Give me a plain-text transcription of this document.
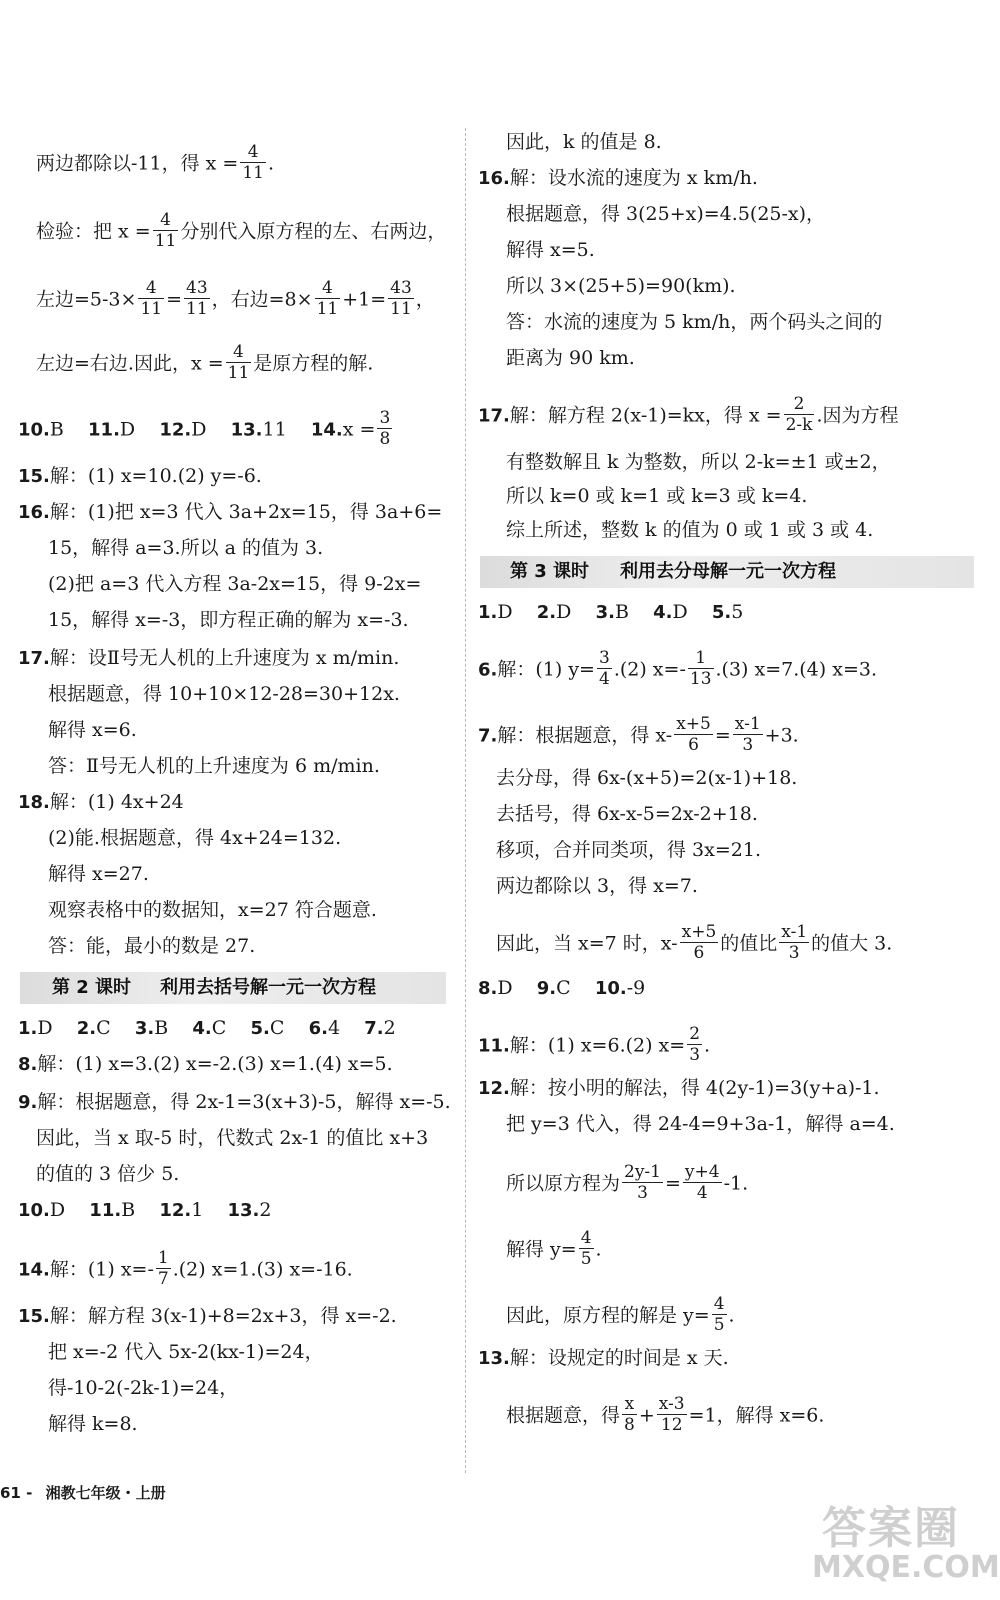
两边都除以-11，得 $x = \frac{4}{11}$ .
检验：把 $x = \frac{4}{11}$ 分别代入原方程的左、右两边，
左边$=5-3\times \frac{4}{11} = \frac{43}{11}$ ，右边$=8\times \frac{4}{11} +1= \frac{43}{11}$ ，
左边=右边.因此，$x = \frac{4}{11}$ 是原方程的解.
10.B 11.D 12.D 13.11 $14.x = \frac{3}{8}$
15.解：(1) x=10.(2) y=-6.
16.解：(1)把 x=3 代入 3a+2x=15，得 3a+6=
15，解得 a=3.所以 a 的值为 3.
(2)把 a=3 代入方程 3a-2x=15，得 9-2x=
15，解得 x=-3，即方程正确的解为 x=-3.
17.解：设Ⅱ号无人机的上升速度为 x m/min.
根据题意，得 10+10×12-28=30+12x.
解得 x=6.
答：Ⅱ号无人机的上升速度为 6 m/min.
18.解：(1) 4x+24
(2)能.根据题意，得 4x+24=132.
解得 x=27.
观察表格中的数据知，x=27 符合题意.
答：能，最小的数是 27.
第 2 课时 利用去括号解一元一次方程
1.D 2.C 3.B 4.C 5.C 6.4 7.2
8.解：(1) x=3.(2) x=-2.(3) x=1.(4) x=5.
9.解：根据题意，得 2x-1=3(x+3)-5，解得 x=-5.
因此，当 x 取-5 时，代数式 2x-1 的值比 x+3
的值的 3 倍少 5.
10.D 11.B 12.1 13.2
14.解：(1) $x=- \frac{1}{7} .(2)$ x=1.(3) x=-16.
15.解：解方程 3(x-1)+8=2x+3，得 x=-2.
把 x=-2 代入 5x-2(kx-1)=24，
得-10-2(-2k-1)=24，
解得 k=8.
因此，k 的值是 8.
16.解：设水流的速度为 x km/h.
根据题意，得 3(25+x)=4.5(25-x)，
解得 x=5.
所以 3×(25+5)=90(km).
答：水流的速度为 5 km/h，两个码头之间的
距离为 90 km.
17.解：解方程 2(x-1)=kx，得 $x = \frac{2}{2-k}$ .因为方程
有整数解且 k 为整数，所以 2-k=±1 或±2，
所以 k=0 或 k=1 或 k=3 或 k=4.
综上所述，整数 k 的值为 0 或 1 或 3 或 4.
第 3 课时 利用去分母解一元一次方程
1.D 2.D 3.B 4.D 5.5
6.解：(1) $y= \frac{3}{4} .(2)$ $x=- \frac{1}{13} .(3)$ x=7.(4) x=3.
7.解：根据题意，得 $x- \frac{x+5}{6} = \frac{x-1}{3} +3$.
去分母，得 6x-(x+5)=2(x-1)+18.
去括号，得 6x-x-5=2x-2+18.
移项，合并同类项，得 3x=21.
两边都除以 3，得 x=7.
因此，当 x=7 时，$x- \frac{x+5}{6}$ 的值比 $\frac{x-1}{3}$ 的值大 3.
8.D 9.C 10.-9
11.解：(1) x=6.(2) $x= \frac{2}{3}$ .
12.解：按小明的解法，得 4(2y-1)=3(y+a)-1.
把 y=3 代入，得 24-4=9+3a-1，解得 a=4.
所以原方程为 $\frac{2y-1}{3} = \frac{y+4}{4} -1$.
解得 $y= \frac{4}{5}$ .
因此，原方程的解是 $y= \frac{4}{5}$ .
13.解：设规定的时间是 x 天.
根据题意，得 $\frac{x}{8} + \frac{x-3}{12} =1$，解得 x=6.
61 - 湘教七年级・上册
答案圈
MXQE.COM
